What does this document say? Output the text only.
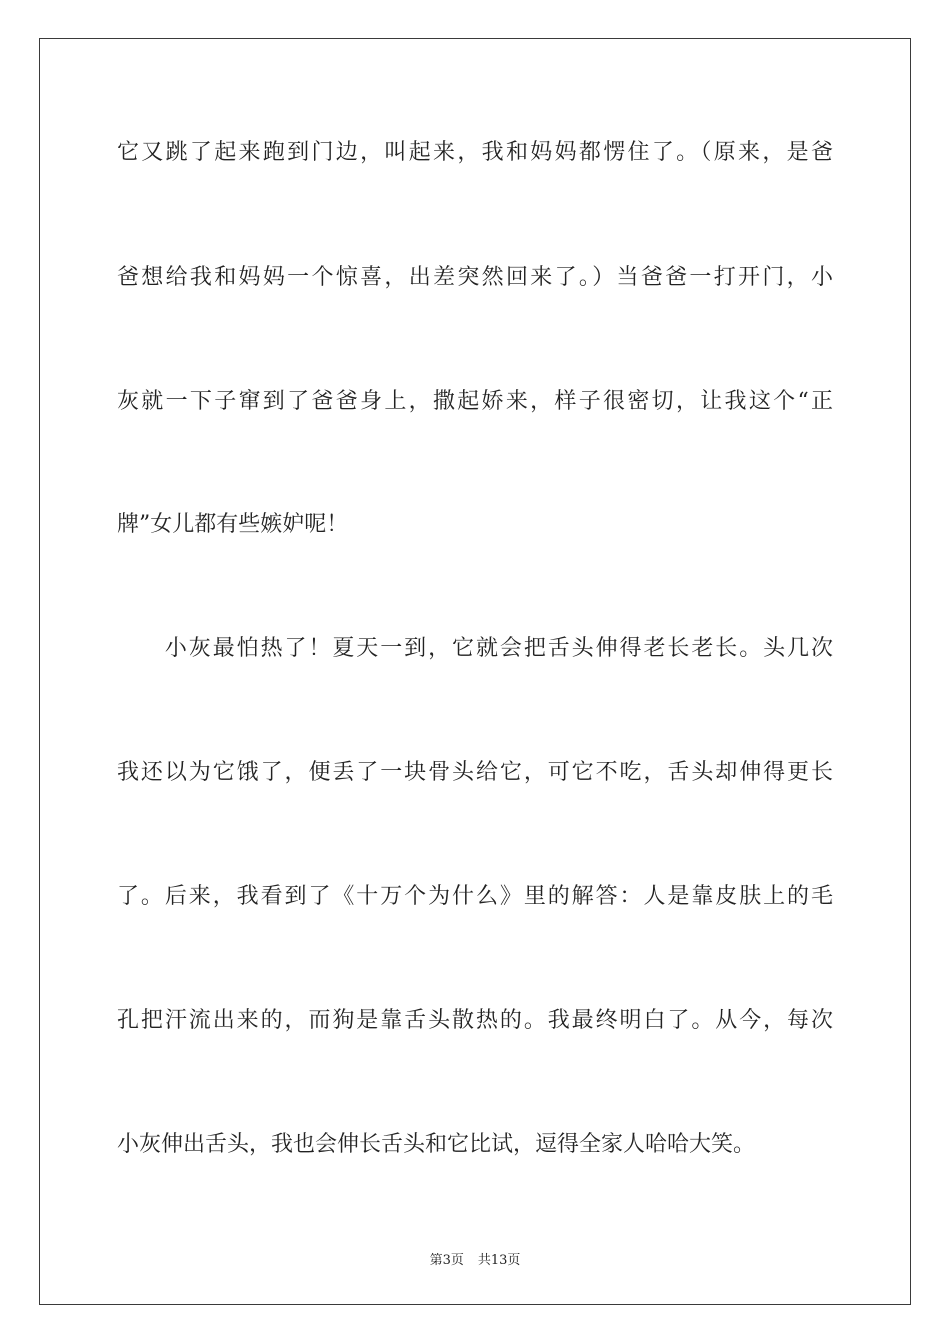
它又跳了起来跑到门边，叫起来，我和妈妈都愣住了。（原来，是爸
爸想给我和妈妈一个惊喜，出差突然回来了。）当爸爸一打开门，小
灰就一下子窜到了爸爸身上，撒起娇来，样子很密切，让我这个“正
牌”女儿都有些嫉妒呢！
　　小灰最怕热了！夏天一到，它就会把舌头伸得老长老长。头几次
我还以为它饿了，便丢了一块骨头给它，可它不吃，舌头却伸得更长
了。后来，我看到了《十万个为什么》里的解答：人是靠皮肤上的毛
孔把汗流出来的，而狗是靠舌头散热的。我最终明白了。从今，每次
小灰伸出舌头，我也会伸长舌头和它比试，逗得全家人哈哈大笑。
第3页 共13页
